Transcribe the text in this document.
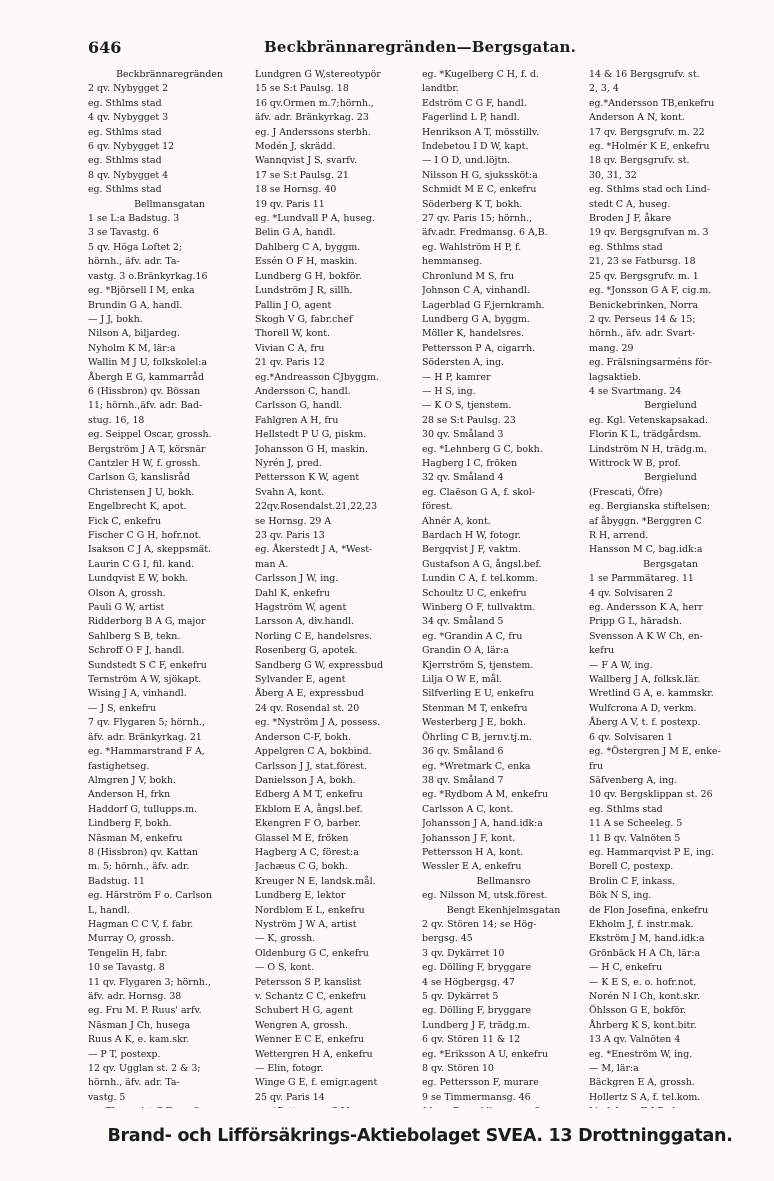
646	Beckbrännaregränden—Bergsgatan.
Beckbrännaregränden
2 qv. Nybygget 2
eg. Sthlms stad
4 qv. Nybygget 3
eg. Sthlms stad
6 qv. Nybygget 12
eg. Sthlms stad
8 qv. Nybygget 4
eg. Sthlms stad
Bellmansgatan
1 se L:a Badstug. 3
3 se Tavastg. 6
5 qv. Höga Loftet 2;
hörnh., äfv. adr. Ta-
vastg. 3 o.Bränkyrkag.16
eg. *Björsell I M, enka
Brundin G A, handl.
— J J, bokh.
Nilson A, biljardeg.
Nyholm K M, lär:a
Wallin M J U, folkskolel:a
Åbergh E G, kammarråd
6 (Hissbron) qv. Bössan
11; hörnh.,äfv. adr. Bad-
stug. 16, 18
eg. Seippel Oscar, grossh.
Bergström J A T, körsnär
Cantzler H W, f. grossh.
Carlson G, kanslisråd
Christensen J U, bokh.
Engelbrecht K, apot.
Fick C, enkefru
Fischer C G H, hofr.not.
Isakson C J A, skeppsmät.
Laurin C G I, fil. kand.
Lundqvist E W, bokh.
Olson A, grossh.
Pauli G W, artist
Ridderborg B A G, major
Sahlberg S B, tekn.
Schroff O F J, handl.
Sundstedt S C F, enkefru
Ternström A W, sjökapt.
Wising J A, vinhandl.
— J S, enkefru
7 qv. Flygaren 5; hörnh.,
äfv. adr. Bränkyrkag. 21
eg. *Hammarstrand F A,
fastighetseg.
Almgren J V, bokh.
Anderson H, frkn
Haddorf G, tullupps.m.
Lindberg F, bokh.
Näsman M, enkefru
8 (Hissbron) qv. Kattan
m. 5; hörnh., äfv. adr.
Badstug. 11
eg. Härström F o. Carlson
L, handl.
Hagman C C V, f. fabr.
Murray O, grossh.
Tengelin H, fabr.
10 se Tavastg. 8
11 qv. Flygaren 3; hörnh.,
äfv. adr. Hornsg. 38
eg. Fru M. P. Ruus' arfv.
Näsman J Ch, husegа
Ruus A K, e. kam.skr.
— P T, postexp.
12 qv. Ugglan st. 2 & 3;
hörnh., äfv. adr. Ta-
vastg. 5
Lundgren G W,stereotypör
15 se S:t Paulsg. 18
16 qv.Ormen m.7;hörnh.,
äfv. adr. Bränkyrkag. 23
eg. J Anderssons sterbh.
Modén J, skrädd.
Wannqvist J S, svarfv.
17 se S:t Paulsg. 21
18 se Hornsg. 40
19 qv. Paris 11
eg. *Lundvall P A, huseg.
Belin G A, handl.
Dahlberg C A, byggm.
Essén O F H, maskin.
Lundberg G H, bokför.
Lundström J R, sillh.
Pallin J O, agent
Skogh V G, fabr.chef
Thorell W, kont.
Vivian C A, fru
21 qv. Paris 12
eg.*Andreasson CJbyggm.
Andersson C, handl.
Carlsson G, handl.
Fahlgren A H, fru
Hellstedt P U G, piskm.
Johansson G H, maskin.
Nyrén J, pred.
Pettersson K W, agent
Svahn A, kont.
22qv.Rosendalst.21,22,23
se Hornsg. 29 A
23 qv. Paris 13
eg. Åkerstedt J A, *West-
man A.
Carlsson J W, ing.
Dahl K, enkefru
Hagström W, agent
Larsson A, div.handl.
Norling C E, handelsres.
Rosenberg G, apotek.
Sandberg G W, expressbud
Sylvander E, agent
Åberg A E, expressbud
24 qv. Rosendal st. 20
eg. *Nyström J A, possess.
Anderson C-F, bokh.
Appelgren C A, bokbind.
Carlsson J J, stat.förest.
Danielsson J A, bokh.
Edberg A M T, enkefru
Ekblom E A, ångsl.bef.
Ekengren F O, barber.
Glassel M E, fröken
Hagberg A C, förest:a
Jachæus C G, bokh.
Kreuger N E, landsk.mål.
Lundberg E, lektor
Nordblom E L, enkefru
Nyström J W A, artist
— K, grossh.
Oldenburg G C, enkefru
— O S, kont.
Petersson S P, kanslist
v. Schantz C C, enkefru
Schubert H G, agent
Wengren A, grossh.
Wenner E C E, enkefru
Wettergren H A, enkefru
— Elin, fotogr.
Winge G E, f. emigr.agent
25 qv. Paris 14
eg. *Kugelberg C H, f. d.
landtbr.
Edström C G F, handl.
Fagerlind L P, handl.
Henrikson A T, mösstillv.
Indebetou I D W, kapt.
— I O D, und.löjtn.
Nilsson H G, sjukssköt:a
Schmidt M E C, enkefru
Söderberg K T, bokh.
27 qv. Paris 15; hörnh.,
äfv.adr. Fredmansg. 6 A,B.
eg. Wahlström H P, f.
hemmanseg.
Chronlund M S, fru
Johnson C A, vinhandl.
Lagerblad G F,jernkramh.
Lundberg G A, byggm.
Möller K, handelsres.
Pettersson P A, cigarrh.
Södersten A, ing.
— H P, kamrer
— H S, ing.
— K O S, tjenstem.
28 se S:t Paulsg. 23
30 qv. Småland 3
eg. *Lehnberg G C, bokh.
Hagberg I C, fröken
32 qv. Småland 4
eg. Claëson G A, f. skol-
förest.
Ahnér A, kont.
Bardach H W, fotogr.
Bergqvist J F, vaktm.
Gustafson A G, ångsl.bef.
Lundin C A, f. tel.komm.
Schoultz U C, enkefru
Winberg O F, tullvaktm.
34 qv. Småland 5
eg. *Grandin A C, fru
Grandin O A, lär:a
Kjerrström S, tjenstem.
Lilja O W E, mål.
Silfverling E U, enkefru
Stenman M T, enkefru
Westerberg J E, bokh.
Öhrling C B, jernv.tj.m.
36 qv. Småland 6
eg. *Wretmark C, enka
38 qv. Småland 7
eg. *Rydbom A M, enkefru
Carlsson A C, kont.
Johansson J A, hand.idk:a
Johansson J F, kont.
Pettersson H A, kont.
Wessler E A, enkefru
Bellmansro
eg. Nilsson M, utsk.förest.
Bengt Ekenhjelmsgatan
2 qv. Stören 14; se Hög-
bergsg. 45
3 qv. Dykärret 10
eg. Dölling F, bryggare
4 se Högbergsg. 47
5 qv. Dykärret 5
eg. Dölling F, bryggare
Lundberg J F, trädg.m.
6 qv. Stören 11 & 12
eg. *Eriksson A U, enkefru
8 qv. Stören 10
eg. Pettersson F, murare
9 se Timmermansg. 46
14 & 16 Bergsgrufv. st.
2, 3, 4
eg.*Andersson TB,enkefru
Anderson A N, kont.
17 qv. Bergsgrufv. m. 22
eg. *Holmér K E, enkefru
18 qv. Bergsgrufv. st.
30, 31, 32
eg. Sthlms stad och Lind-
stedt C A, huseg.
Broden J F, åkare
19 qv. Bergsgrufvan m. 3
eg. Sthlms stad
21, 23 se Fatbursg. 18
25 qv. Bergsgrufv. m. 1
eg. *Jonsson G A F, cig.m.
Benickebrinken, Norra
2 qv. Perseus 14 & 15;
hörnh., äfv. adr. Svart-
mang. 29
eg. Frälsningsarméns för-
lagsaktieb.
4 se Svartmang. 24
Bergielund
eg. Kgl. Vetenskapsakad.
Florin K L, trädgårdsm.
Lindström N H, trädg.m.
Wittrock W B, prof.
Bergielund
(Frescati, Öfre)
eg. Bergianska stiftelsen;
af åbyggn. *Berggren C
R H, arrend.
Hansson M C, bag.idk:a
Bergsgatan
1 se Parmmätareg. 11
4 qv. Solvisaren 2
eg. Andersson K A, herr
Pripp G L, häradsh.
Svensson A K W Ch, en-
kefru
— F A W, ing.
Wallberg J A, folksk.lär.
Wretlind G A, e. kammskr.
Wulfcrona A D, verkm.
Åberg A V, t. f. postexp.
6 qv. Solvisaren 1
eg. *Östergren J M E, enke-
fru
Säfvenberg A, ing.
10 qv. Bergsklippan st. 26
eg. Sthlms stad
11 A se Scheeleg. 5
11 B qv. Valnöten 5
eg. Hammarqvist P E, ing.
Borell C, postexp.
Brolin C F, inkass.
Bök N S, ing.
de Flon Josefina, enkefru
Ekholm J, f. instr.mak.
Ekström J M, hand.idk:a
Grönbäck H A Ch, lär:a
— H C, enkefru
— K E S, e. o. hofr.not.
Norén N I Ch, kont.skr.
Öhlsson G E, bokför.
Åhrberg K S, kont.bitr.
13 A qv. Valnöten 4
eg. *Eneström W, ing.
— M, lär:a
Bäckgren E A, grossh.
Hollertz S A, f. tel.kom.
Brand- och Lifförsäkrings-Aktiebolaget SVEA. 13 Drottninggatan.
